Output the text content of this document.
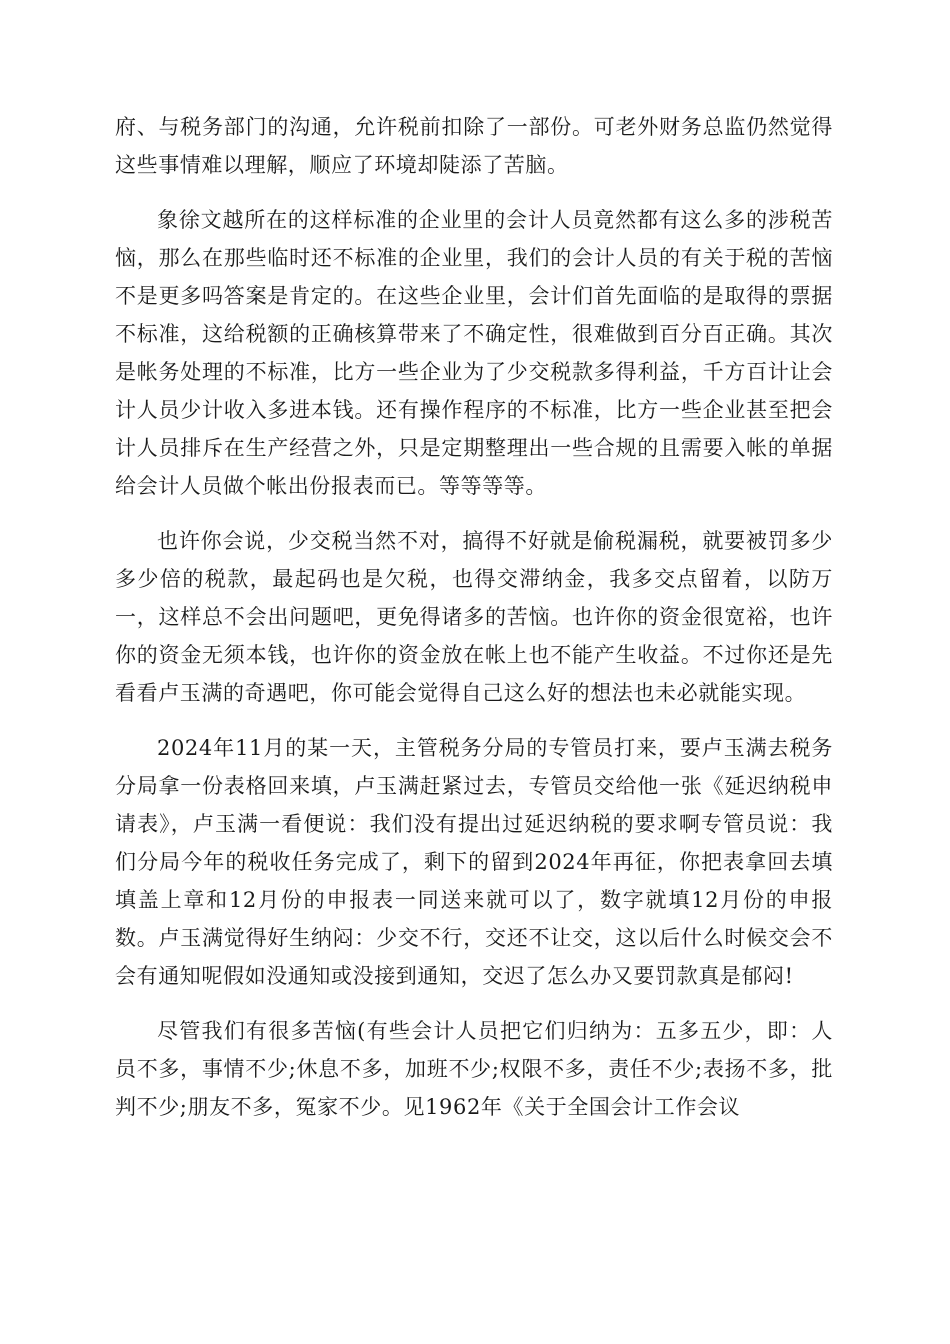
府、与税务部门的沟通，允许税前扣除了一部份。可老外财务总监仍然觉得这些事情难以理解，顺应了环境却陡添了苦脑。

象徐文越所在的这样标准的企业里的会计人员竟然都有这么多的涉税苦恼，那么在那些临时还不标准的企业里，我们的会计人员的有关于税的苦恼不是更多吗答案是肯定的。在这些企业里，会计们首先面临的是取得的票据不标准，这给税额的正确核算带来了不确定性，很难做到百分百正确。其次是帐务处理的不标准，比方一些企业为了少交税款多得利益，千方百计让会计人员少计收入多进本钱。还有操作程序的不标准，比方一些企业甚至把会计人员排斥在生产经营之外，只是定期整理出一些合规的且需要入帐的单据给会计人员做个帐出份报表而已。等等等等。

也许你会说，少交税当然不对，搞得不好就是偷税漏税，就要被罚多少多少倍的税款，最起码也是欠税，也得交滞纳金，我多交点留着，以防万一，这样总不会出问题吧，更免得诸多的苦恼。也许你的资金很宽裕，也许你的资金无须本钱，也许你的资金放在帐上也不能产生收益。不过你还是先看看卢玉满的奇遇吧，你可能会觉得自己这么好的想法也未必就能实现。

2024年11月的某一天，主管税务分局的专管员打来，要卢玉满去税务分局拿一份表格回来填，卢玉满赶紧过去，专管员交给他一张《延迟纳税申请表》，卢玉满一看便说：我们没有提出过延迟纳税的要求啊专管员说：我们分局今年的税收任务完成了，剩下的留到2024年再征，你把表拿回去填填盖上章和12月份的申报表一同送来就可以了，数字就填12月份的申报数。卢玉满觉得好生纳闷：少交不行，交还不让交，这以后什么时候交会不会有通知呢假如没通知或没接到通知，交迟了怎么办又要罚款真是郁闷!

尽管我们有很多苦恼(有些会计人员把它们归纳为：五多五少，即：人员不多，事情不少;休息不多，加班不少;权限不多，责任不少;表扬不多，批判不少;朋友不多，冤家不少。见1962年《关于全国会计工作会议
